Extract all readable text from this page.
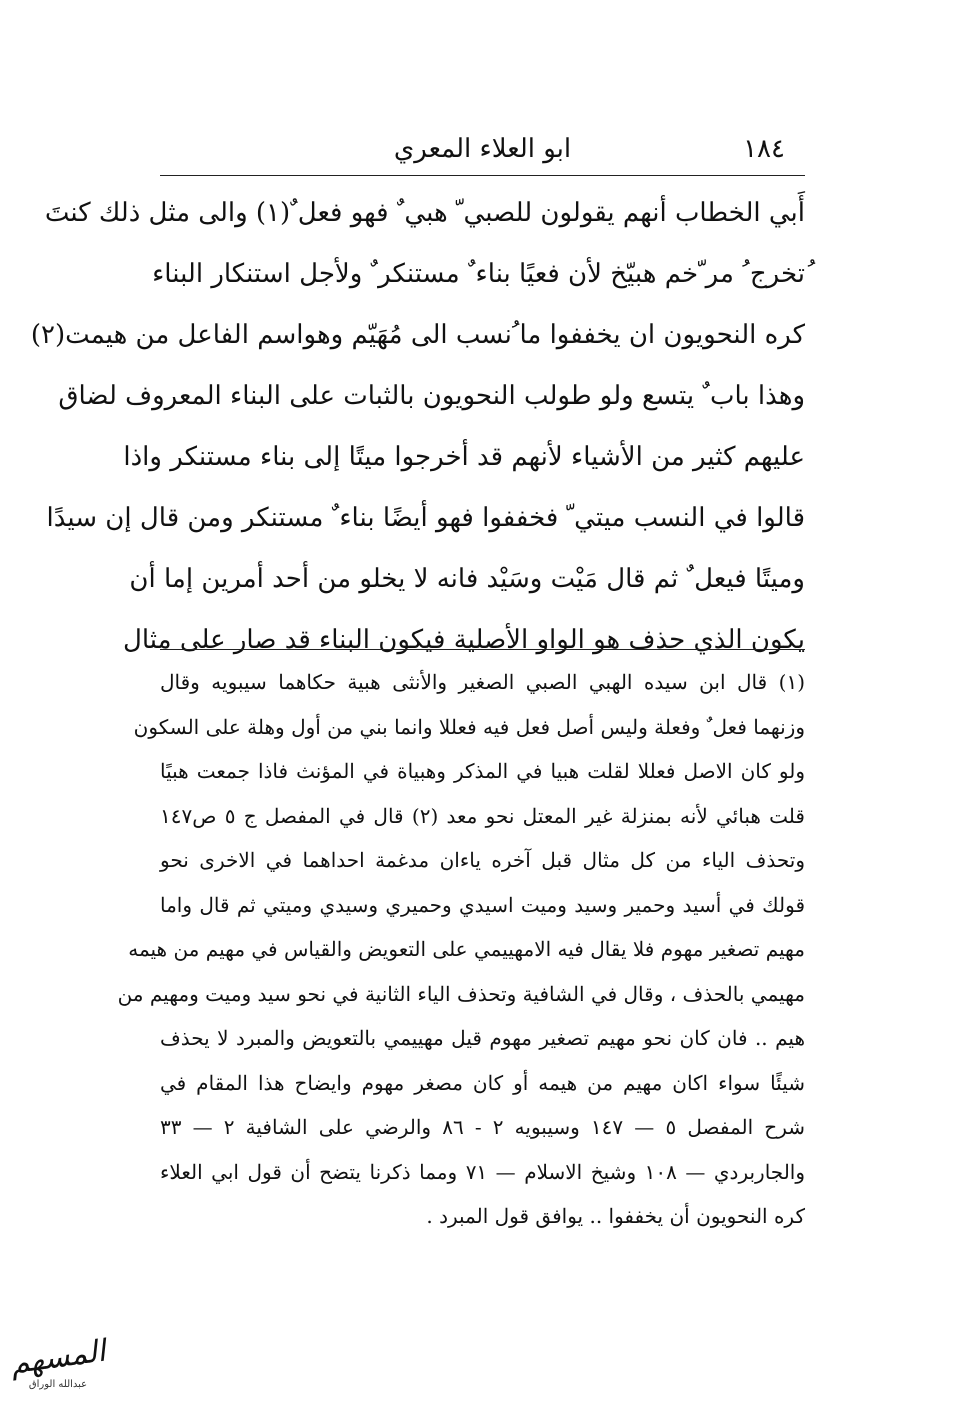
١٨٤
ابو العلاء المعري
أَبي الخطاب أنهم يقولون للصبي ّ هبي ٌ فهو فعل ٌ(١) والى مثل ذلك كنتَ
ُتخرج ُ مر ّخم هبيّخ لأن فعيًا بناء ٌ مستنكر ٌ ولأجل استنكار البناء
كره النحويون ان يخففوا ما ُنسب الى مُهَيّم وهواسم الفاعل من هيمت(٢)
وهذا باب ٌ يتسع ولو طولب النحويون بالثبات على البناء المعروف لضاق
عليهم كثير من الأشياء لأنهم قد أخرجوا ميتًا إلى بناء مستنكر واذا
قالوا في النسب ميتي ّ فخففوا فهو أيضًا بناء ٌ مستنكر ومن قال إن سيدًا
وميتًا فيعل ٌ ثم قال مَيْت وسَيْد فانه لا يخلو من أحد أمرين إما أن
يكون الذي حذف هو الواو الأصلية فيكون البناء قد صار على مثال
(١) قال ابن سيده الهبي الصبي الصغير والأنثى هبية حكاهما سيبويه وقال
وزنهما فعل ٌ وفعلة وليس أصل فعل فيه فعللا وانما بني من أول وهلة على السكون
ولو كان الاصل فعللا لقلت هبيا في المذكر وهبياة في المؤنث فاذا جمعت هبيًا
قلت هبائي لأنه بمنزلة غير المعتل نحو معد (٢) قال في المفصل ج ٥ ص١٤٧
وتحذف الياء من كل مثال قبل آخره ياءان مدغمة احداهما في الاخرى نحو
قولك في أسيد وحمير وسيد وميت اسيدي وحميري وسيدي وميتي ثم قال واما
مهيم تصغير مهوم فلا يقال فيه الامهييمي على التعويض والقياس في مهيم من هيمه
مهيمي بالحذف ، وقال في الشافية وتحذف الياء الثانية في نحو سيد وميت ومهيم من
هيم .. فان كان نحو مهيم تصغير مهوم قيل مهييمي بالتعويض والمبرد لا يحذف
شيئًا سواء اكان مهيم من هيمه أو كان مصغر مهوم وايضاح هذا المقام في
شرح المفصل ٥ — ١٤٧ وسيبويه ٢ - ٨٦ والرضي على الشافية ٢ — ٣٣
والجاربردي — ١٠٨ وشيخ الاسلام — ٧١ ومما ذكرنا يتضح أن قول ابي العلاء
كره النحويون أن يخففوا .. يوافق قول المبرد .
المسهم
عبدالله الوراق
